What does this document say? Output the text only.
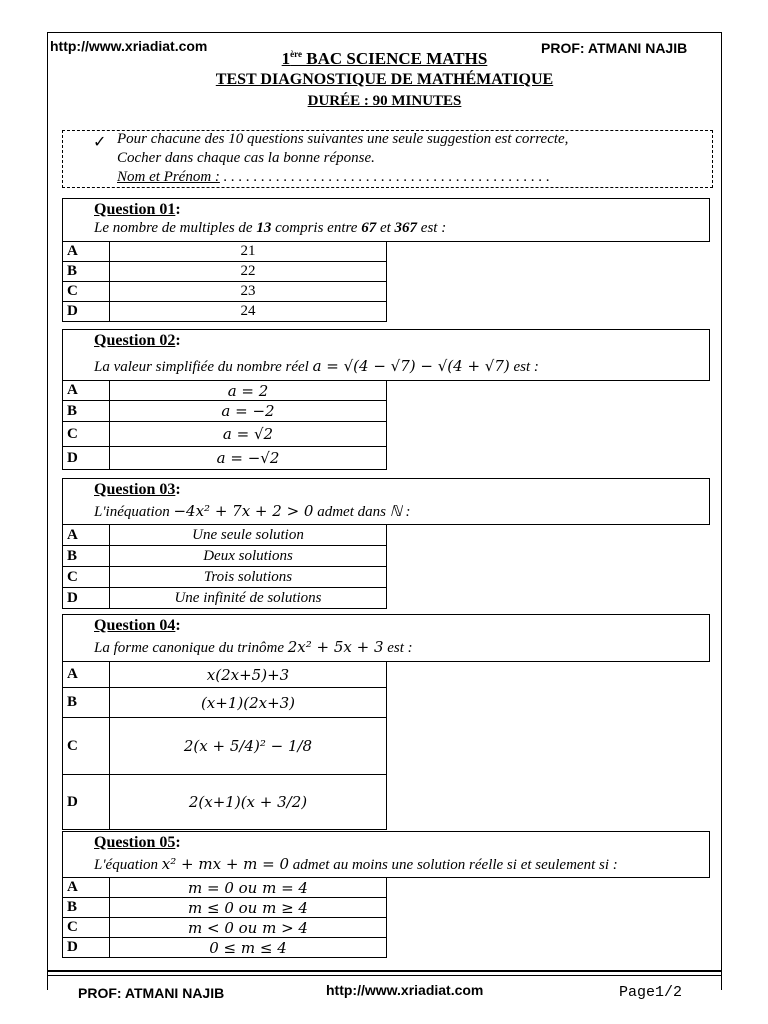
http://www.xriadiat.com	PROF: ATMANI NAJIB
1ère BAC SCIENCE MATHS
TEST DIAGNOSTIQUE DE MATHÉMATIQUE
DURÉE : 90 MINUTES
✓ Pour chacune des 10 questions suivantes une seule suggestion est correcte,
Cocher dans chaque cas la bonne réponse.
Nom et Prénom : . . . . . . . . . . . . . . . . . . . . . . . . . . . . . . . . . . . . . . . . . . . .
Question 01:
Le nombre de multiples de 13 compris entre 67 et 367 est :
A	21
B	22
C	23
D	24
Question 02:
La valeur simplifiée du nombre réel a = √(4 − √7) − √(4 + √7) est :
A	a = 2
B	a = −2
C	a = √2
D	a = −√2
Question 03:
L'inéquation −4x² + 7x + 2 > 0 admet dans ℕ :
A	Une seule solution
B	Deux solutions
C	Trois solutions
D	Une infinité de solutions
Question 04:
La forme canonique du trinôme 2x² + 5x + 3 est :
A	x(2x+5)+3
B	(x+1)(2x+3)
C	2(x + 5/4)² − 1/8
D	2(x+1)(x + 3/2)
Question 05:
L'équation x² + mx + m = 0 admet au moins une solution réelle si et seulement si :
A	m = 0 ou m = 4
B	m ≤ 0 ou m ≥ 4
C	m < 0 ou m > 4
D	0 ≤ m ≤ 4
PROF: ATMANI NAJIB	http://www.xriadiat.com	Page1/2
